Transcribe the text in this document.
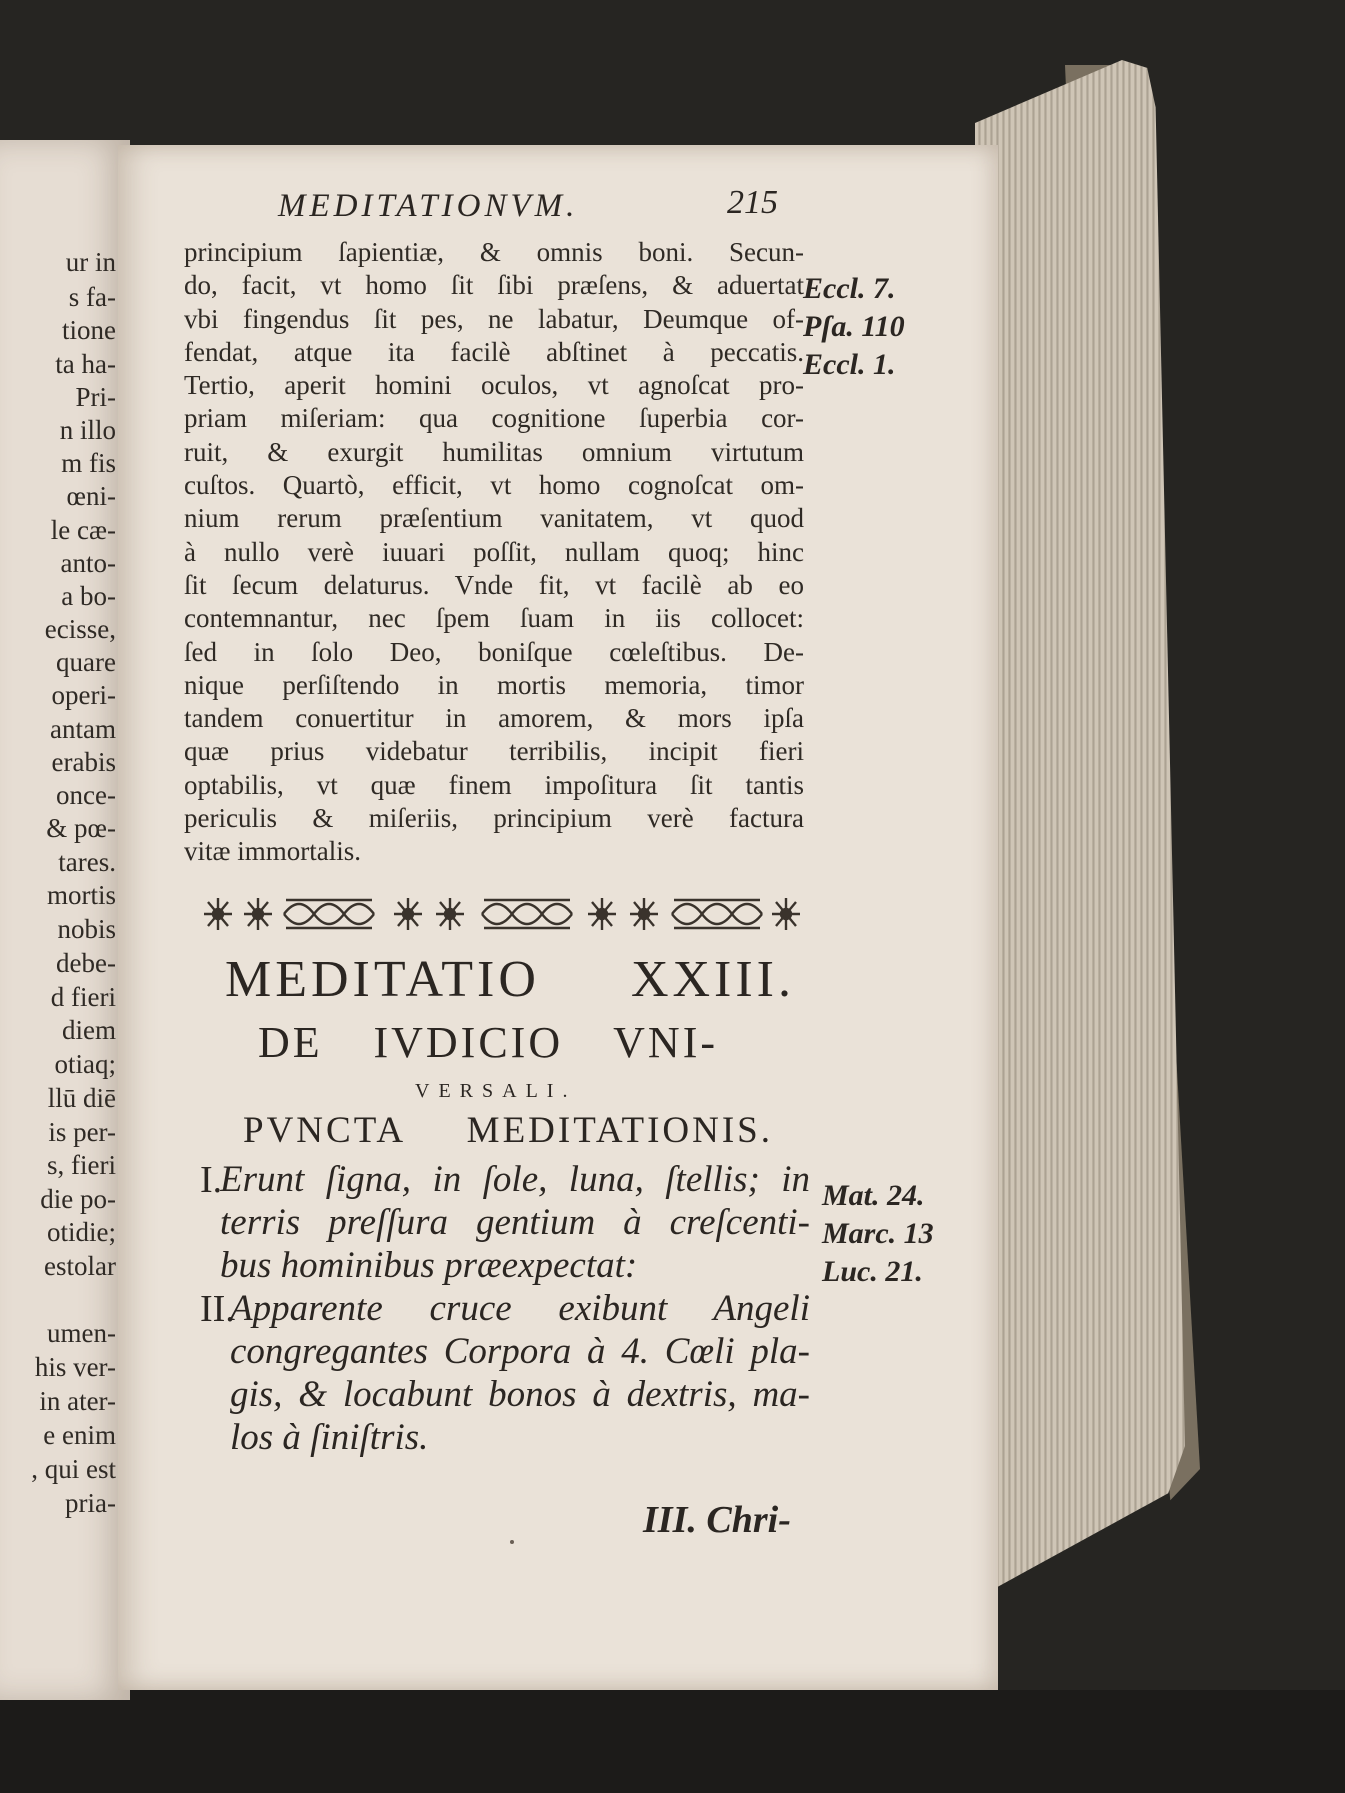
ur in
s fa-
tione
ta ha-
Pri-
n illo
m fis
œni-
le cæ-
anto-
a bo-
ecisse,
quare
operi-
antam
erabis
once-
& pœ-
tares.
mortis
nobis
debe-
d fieri
diem
otiaq;
llū diē
is per-
s, fieri
die po-
otidie;
estolar
umen-
his ver-
in ater-
e enim
, qui est
pria-
MEDITATIONVM.	215
principium ſapientiæ, & omnis boni. Secun-
do, facit, vt homo ſit ſibi præſens, & aduertat
vbi fingendus ſit pes, ne labatur, Deumque of-
fendat, atque ita facilè abſtinet à peccatis.
Tertio, aperit homini oculos, vt agnoſcat pro-
priam miſeriam: qua cognitione ſuperbia cor-
ruit, & exurgit humilitas omnium virtutum
cuſtos. Quartò, efficit, vt homo cognoſcat om-
nium rerum præſentium vanitatem, vt quod
à nullo verè iuuari poſſit, nullam quoq; hinc
ſit ſecum delaturus. Vnde fit, vt facilè ab eo
contemnantur, nec ſpem ſuam in iis collocet:
ſed in ſolo Deo, boniſque cœleſtibus. De-
nique perſiſtendo in mortis memoria, timor
tandem conuertitur in amorem, & mors ipſa
quæ prius videbatur terribilis, incipit fieri
optabilis, vt quæ finem impoſitura ſit tantis
periculis & miſeriis, principium verè factura
vitæ immortalis.
Eccl. 7.
Pſa. 110
Eccl. 1.
MEDITATIO XXIII.
DE IVDICIO VNI-
VERSALI.
PVNCTA MEDITATIONIS.
I.
Erunt ſigna, in ſole, luna, ſtellis; in
terris preſſura gentium à creſcenti-
bus hominibus præexpectat:
II.
Apparente cruce exibunt Angeli
congregantes Corpora à 4. Cœli pla-
gis, & locabunt bonos à dextris, ma-
los à ſiniſtris.
Mat. 24.
Marc. 13
Luc. 21.
III. Chri-
